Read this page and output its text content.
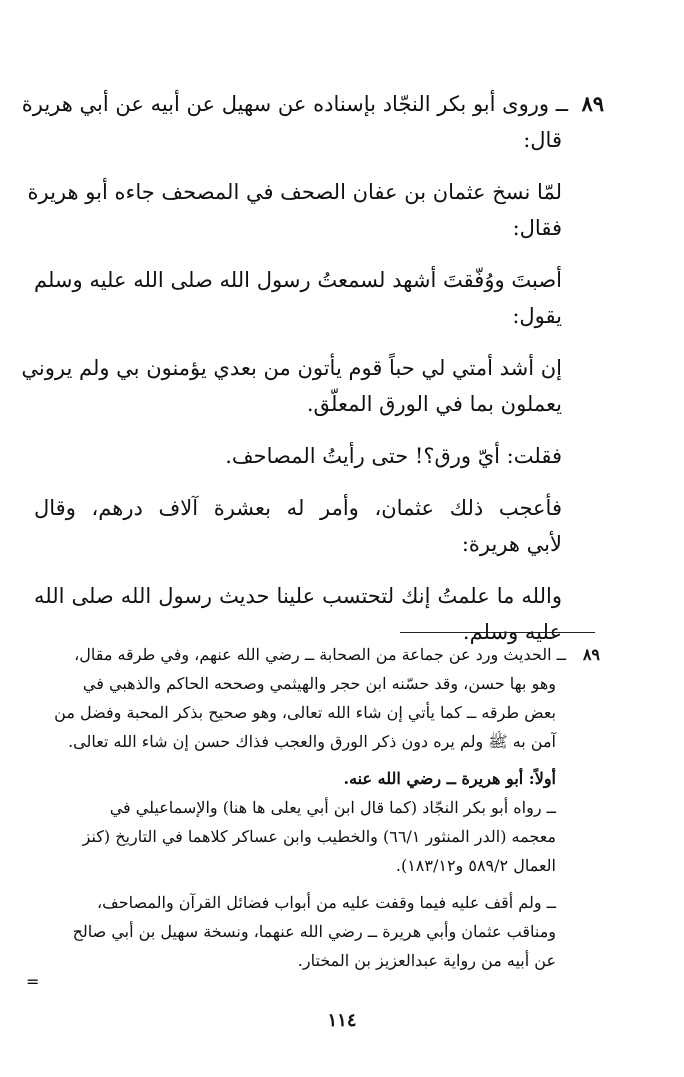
٨٩ــ وروى أبو بكر النجّاد بإسناده عن سهيل عن أبيه عن أبي هريرة
قال:
لمّا نسخ عثمان بن عفان الصحف في المصحف جاءه أبو هريرة
فقال:
أصبتَ ووُفّقتَ أشهد لسمعتُ رسول الله صلى الله عليه وسلم
يقول:
إن أشد أمتي لي حباً قوم يأتون من بعدي يؤمنون بي ولم يروني
يعملون بما في الورق المعلّق.
فقلت: أيّ ورق؟! حتى رأيتُ المصاحف.
فأعجب ذلك عثمان، وأمر له بعشرة آلاف درهم، وقال
لأبي هريرة:
والله ما علمتُ إنك لتحتسب علينا حديث رسول الله صلى الله
عليه وسلم.
٨٩ــ الحديث ورد عن جماعة من الصحابة ــ رضي الله عنهم، وفي طرقه مقال،
وهو بها حسن، وقد حسّنه ابن حجر والهيثمي وصححه الحاكم والذهبي في
بعض طرقه ــ كما يأتي إن شاء الله تعالى، وهو صحيح بذكر المحبة وفضل من
آمن به ﷺ ولم يره دون ذكر الورق والعجب فذاك حسن إن شاء الله تعالى.
أولاً: أبو هريرة ــ رضي الله عنه.
ــ رواه أبو بكر النجّاد (كما قال ابن أبي يعلى ها هنا) والإسماعيلي في
معجمه (الدر المنثور ٦٦/١) والخطيب وابن عساكر كلاهما في التاريخ (كنز
العمال ٥٨٩/٢ و١٨٣/١٢).
ــ ولم أقف عليه فيما وقفت عليه من أبواب فضائل القرآن والمصاحف،
ومناقب عثمان وأبي هريرة ــ رضي الله عنهما، ونسخة سهيل بن أبي صالح
عن أبيه من رواية عبدالعزيز بن المختار.
=
١١٤
